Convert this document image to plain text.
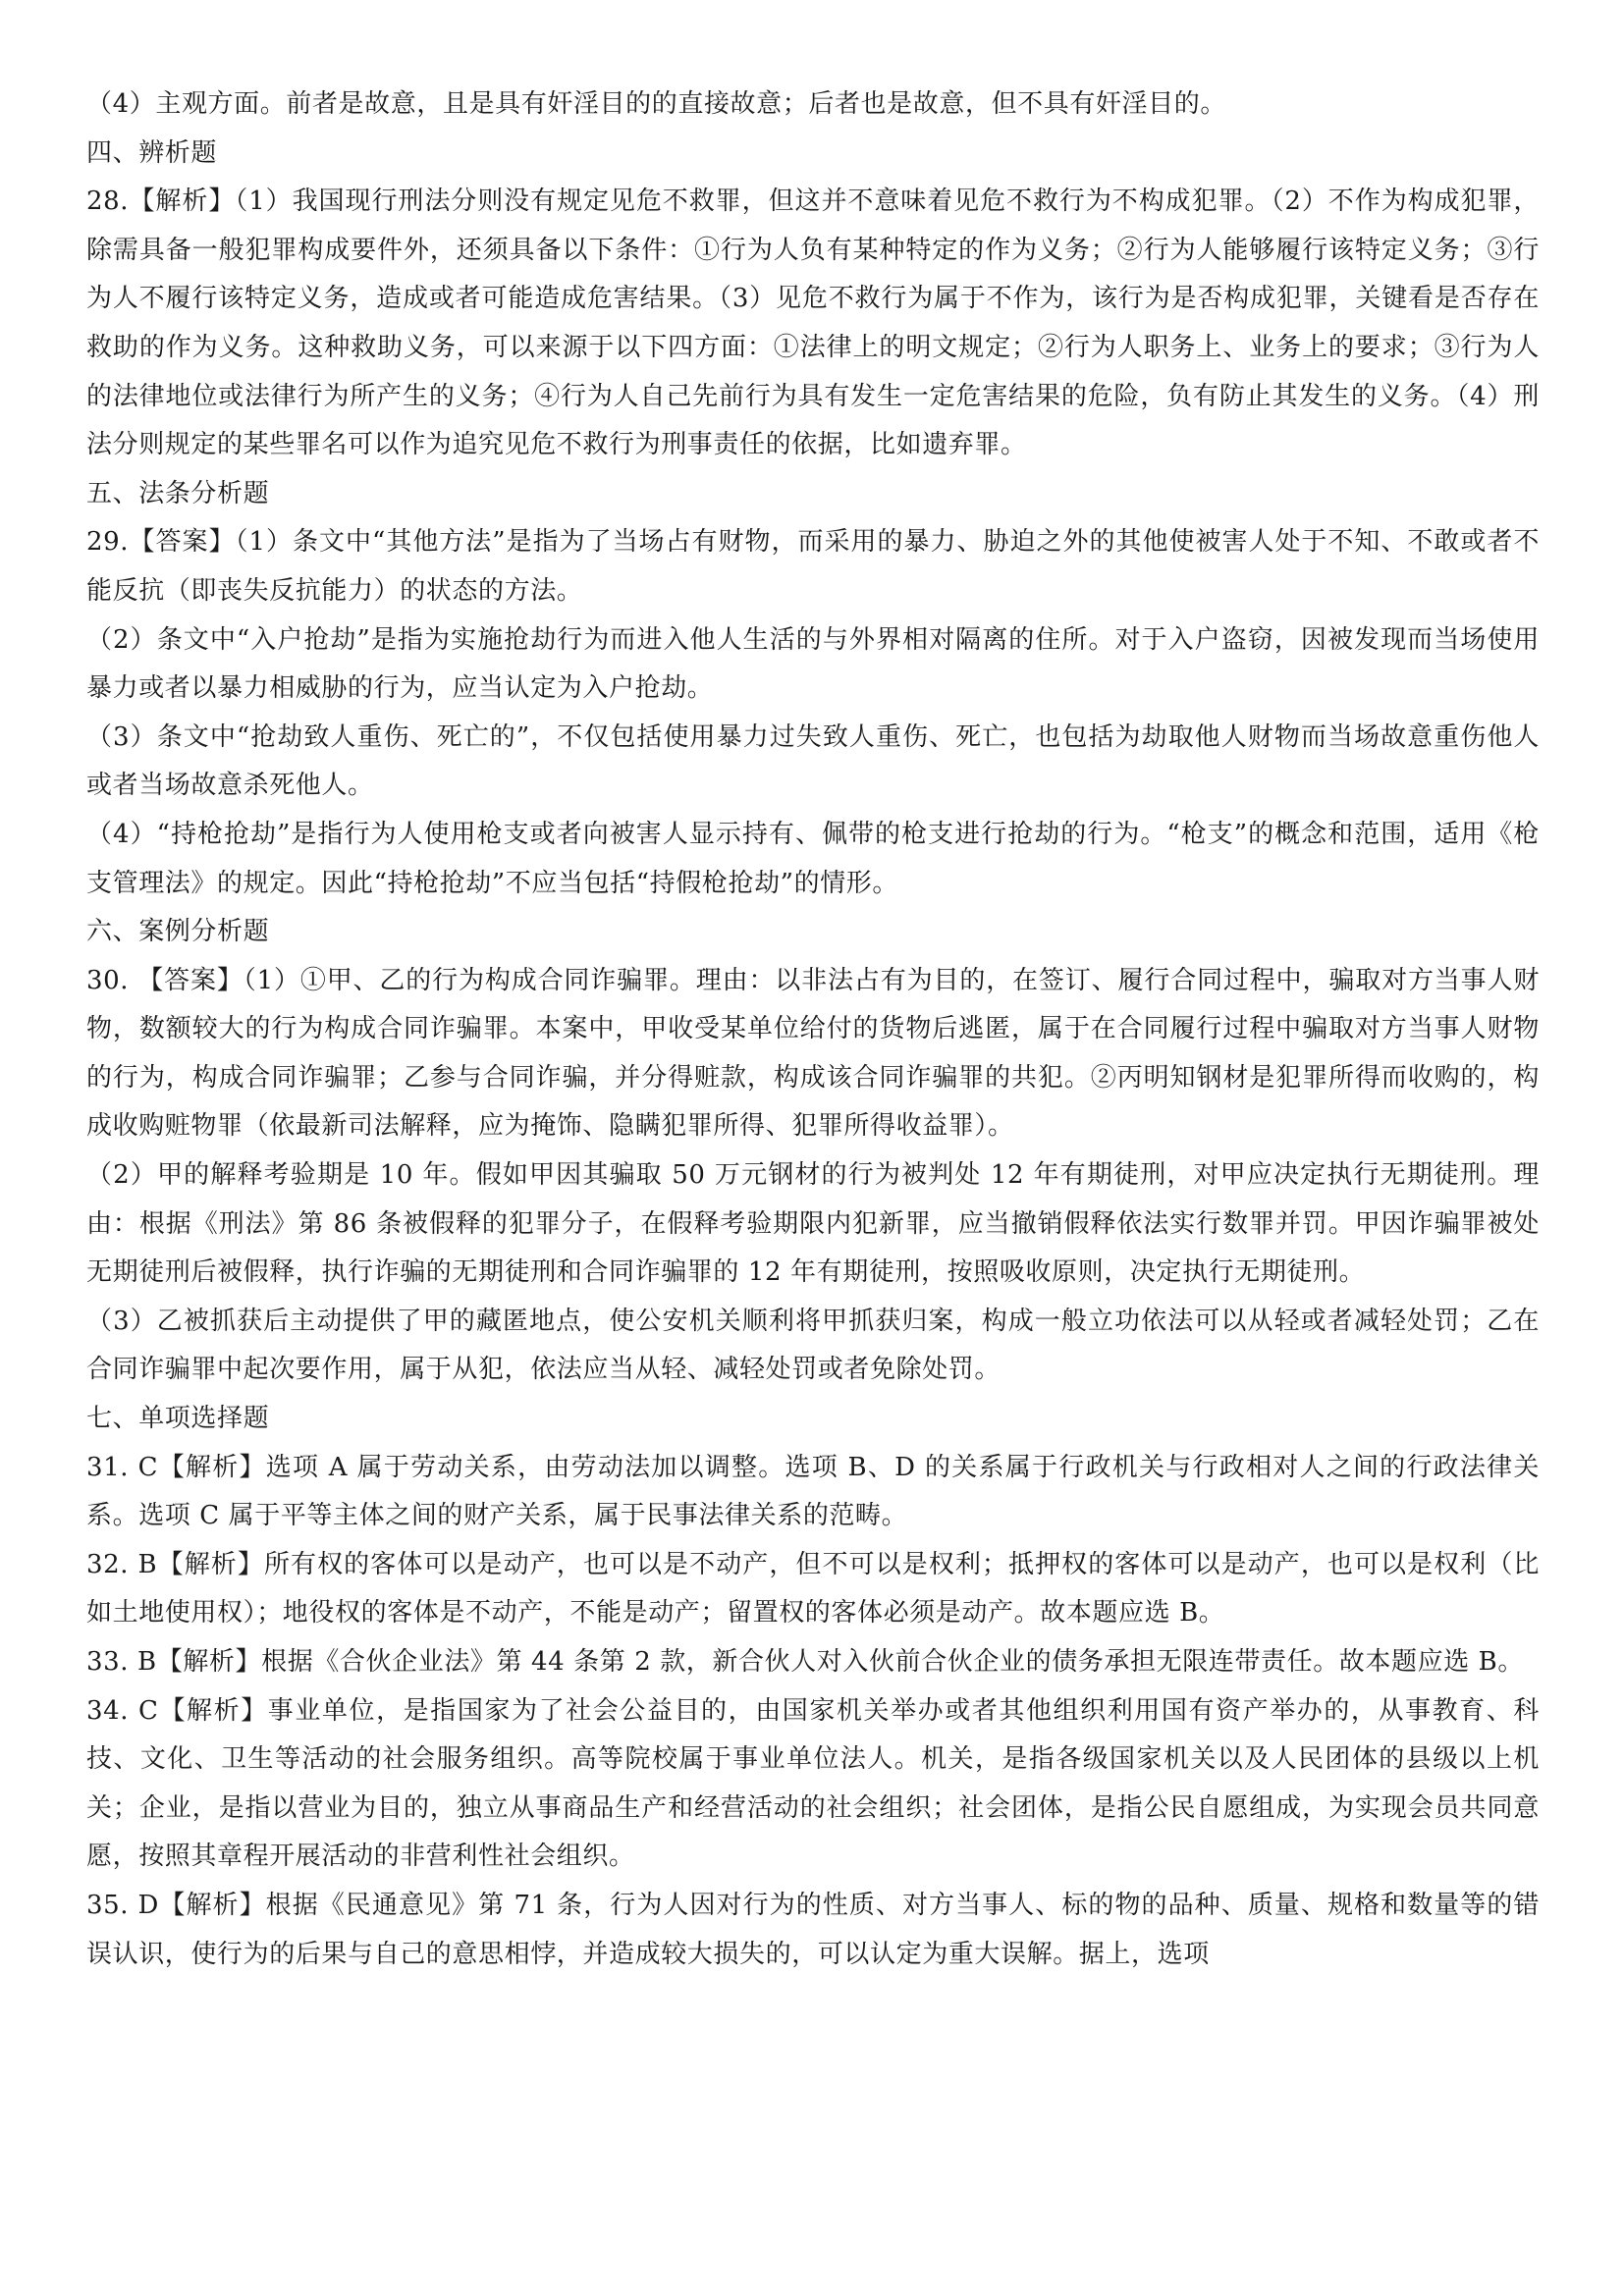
（4）主观方面。前者是故意，且是具有奸淫目的的直接故意；后者也是故意，但不具有奸淫目的。

四、辨析题

28.【解析】（1）我国现行刑法分则没有规定见危不救罪，但这并不意味着见危不救行为不构成犯罪。（2）不作为构成犯罪，除需具备一般犯罪构成要件外，还须具备以下条件：①行为人负有某种特定的作为义务；②行为人能够履行该特定义务；③行为人不履行该特定义务，造成或者可能造成危害结果。（3）见危不救行为属于不作为，该行为是否构成犯罪，关键看是否存在救助的作为义务。这种救助义务，可以来源于以下四方面：①法律上的明文规定；②行为人职务上、业务上的要求；③行为人的法律地位或法律行为所产生的义务；④行为人自己先前行为具有发生一定危害结果的危险，负有防止其发生的义务。（4）刑法分则规定的某些罪名可以作为追究见危不救行为刑事责任的依据，比如遗弃罪。

五、法条分析题

29.【答案】（1）条文中“其他方法”是指为了当场占有财物，而采用的暴力、胁迫之外的其他使被害人处于不知、不敢或者不能反抗（即丧失反抗能力）的状态的方法。

（2）条文中“入户抢劫”是指为实施抢劫行为而进入他人生活的与外界相对隔离的住所。对于入户盗窃，因被发现而当场使用暴力或者以暴力相威胁的行为，应当认定为入户抢劫。

（3）条文中“抢劫致人重伤、死亡的”，不仅包括使用暴力过失致人重伤、死亡，也包括为劫取他人财物而当场故意重伤他人或者当场故意杀死他人。

（4）“持枪抢劫”是指行为人使用枪支或者向被害人显示持有、佩带的枪支进行抢劫的行为。“枪支”的概念和范围，适用《枪支管理法》的规定。因此“持枪抢劫”不应当包括“持假枪抢劫”的情形。

六、案例分析题

30. 【答案】（1）①甲、乙的行为构成合同诈骗罪。理由：以非法占有为目的，在签订、履行合同过程中，骗取对方当事人财物，数额较大的行为构成合同诈骗罪。本案中，甲收受某单位给付的货物后逃匿，属于在合同履行过程中骗取对方当事人财物的行为，构成合同诈骗罪；乙参与合同诈骗，并分得赃款，构成该合同诈骗罪的共犯。②丙明知钢材是犯罪所得而收购的，构成收购赃物罪（依最新司法解释，应为掩饰、隐瞒犯罪所得、犯罪所得收益罪）。

（2）甲的解释考验期是 10 年。假如甲因其骗取 50 万元钢材的行为被判处 12 年有期徒刑，对甲应决定执行无期徒刑。理由：根据《刑法》第 86 条被假释的犯罪分子，在假释考验期限内犯新罪，应当撤销假释依法实行数罪并罚。甲因诈骗罪被处无期徒刑后被假释，执行诈骗的无期徒刑和合同诈骗罪的 12 年有期徒刑，按照吸收原则，决定执行无期徒刑。

（3）乙被抓获后主动提供了甲的藏匿地点，使公安机关顺利将甲抓获归案，构成一般立功依法可以从轻或者减轻处罚；乙在合同诈骗罪中起次要作用，属于从犯，依法应当从轻、减轻处罚或者免除处罚。

七、单项选择题

31. C【解析】选项 A 属于劳动关系，由劳动法加以调整。选项 B、D 的关系属于行政机关与行政相对人之间的行政法律关系。选项 C 属于平等主体之间的财产关系，属于民事法律关系的范畴。

32. B【解析】所有权的客体可以是动产，也可以是不动产，但不可以是权利；抵押权的客体可以是动产，也可以是权利（比如土地使用权）；地役权的客体是不动产，不能是动产；留置权的客体必须是动产。故本题应选 B。

33. B【解析】根据《合伙企业法》第 44 条第 2 款，新合伙人对入伙前合伙企业的债务承担无限连带责任。故本题应选 B。

34. C【解析】事业单位，是指国家为了社会公益目的，由国家机关举办或者其他组织利用国有资产举办的，从事教育、科技、文化、卫生等活动的社会服务组织。高等院校属于事业单位法人。机关，是指各级国家机关以及人民团体的县级以上机关；企业，是指以营业为目的，独立从事商品生产和经营活动的社会组织；社会团体，是指公民自愿组成，为实现会员共同意愿，按照其章程开展活动的非营利性社会组织。

35. D【解析】根据《民通意见》第 71 条，行为人因对行为的性质、对方当事人、标的物的品种、质量、规格和数量等的错误认识，使行为的后果与自己的意思相悖，并造成较大损失的，可以认定为重大误解。据上，选项
